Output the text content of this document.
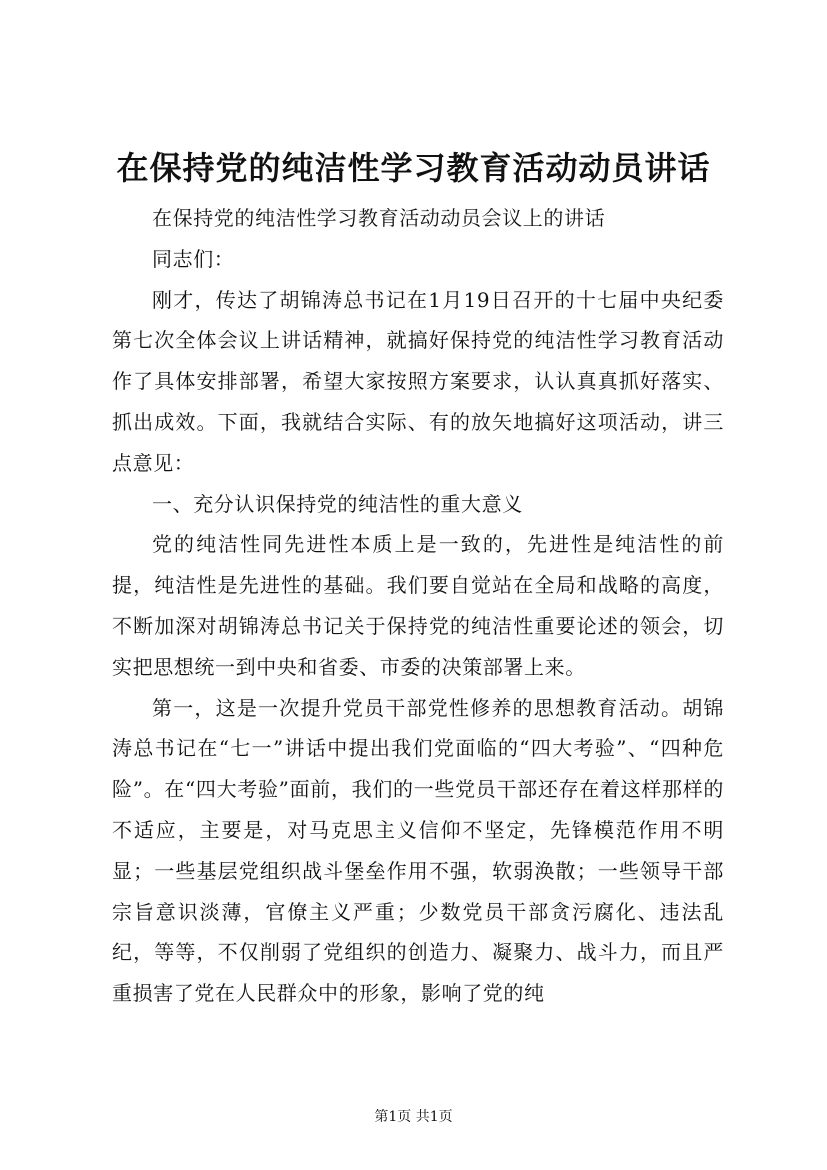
在保持党的纯洁性学习教育活动动员讲话

在保持党的纯洁性学习教育活动动员会议上的讲话

同志们：

刚才，传达了胡锦涛总书记在1月19日召开的十七届中央纪委第七次全体会议上讲话精神，就搞好保持党的纯洁性学习教育活动作了具体安排部署，希望大家按照方案要求，认认真真抓好落实、抓出成效。下面，我就结合实际、有的放矢地搞好这项活动，讲三点意见：

一、充分认识保持党的纯洁性的重大意义

党的纯洁性同先进性本质上是一致的，先进性是纯洁性的前提，纯洁性是先进性的基础。我们要自觉站在全局和战略的高度，不断加深对胡锦涛总书记关于保持党的纯洁性重要论述的领会，切实把思想统一到中央和省委、市委的决策部署上来。

第一，这是一次提升党员干部党性修养的思想教育活动。胡锦涛总书记在“七一”讲话中提出我们党面临的“四大考验”、“四种危险”。在“四大考验”面前，我们的一些党员干部还存在着这样那样的不适应，主要是，对马克思主义信仰不坚定，先锋模范作用不明显；一些基层党组织战斗堡垒作用不强，软弱涣散；一些领导干部宗旨意识淡薄，官僚主义严重；少数党员干部贪污腐化、违法乱纪，等等，不仅削弱了党组织的创造力、凝聚力、战斗力，而且严重损害了党在人民群众中的形象，影响了党的纯

第1页 共1页
